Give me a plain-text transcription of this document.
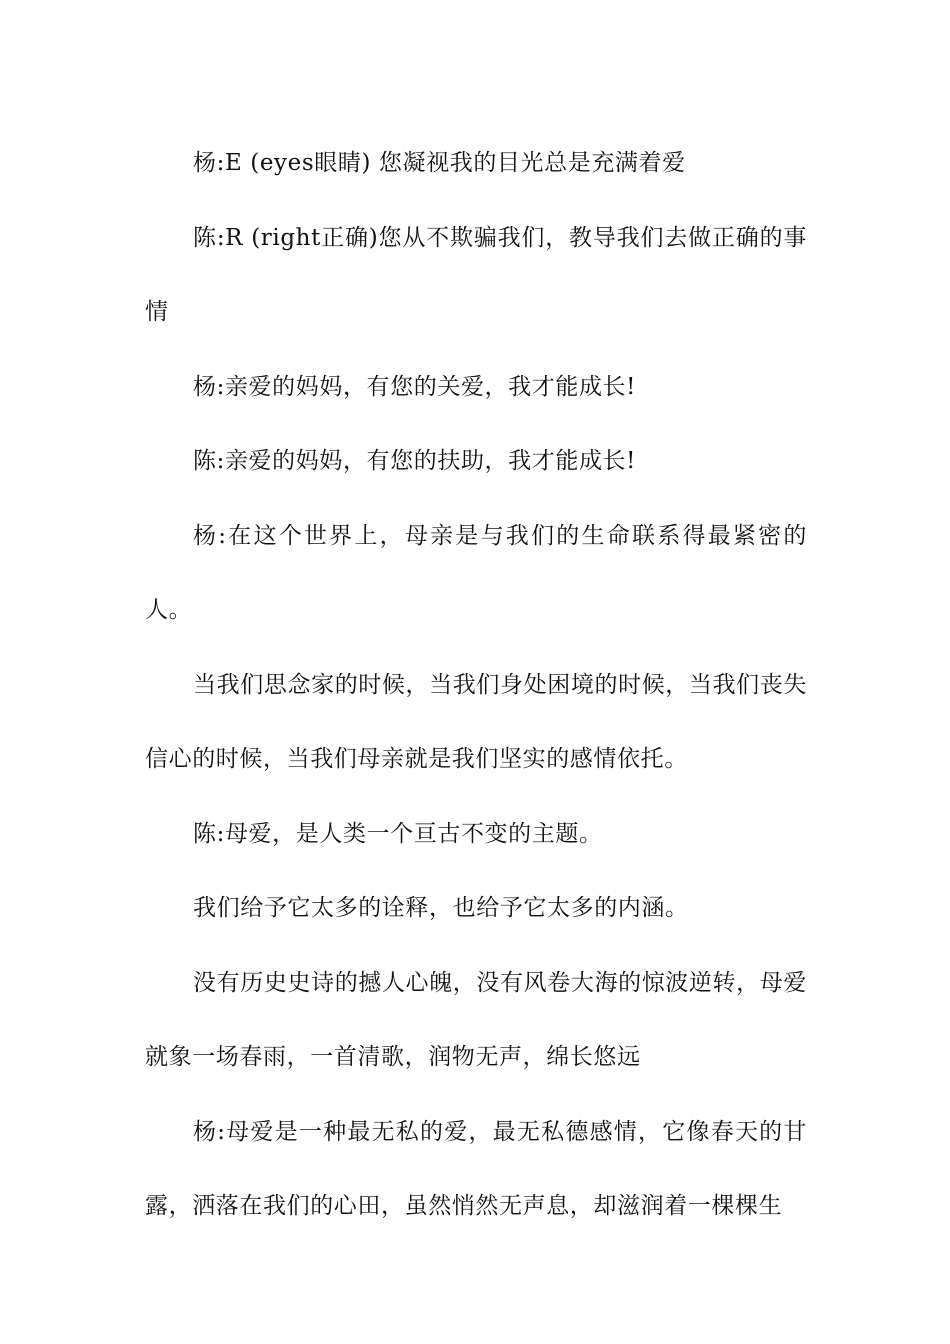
杨:E (eyes眼睛) 您凝视我的目光总是充满着爱

陈:R (right正确)您从不欺骗我们，教导我们去做正确的事情

杨:亲爱的妈妈，有您的关爱，我才能成长!

陈:亲爱的妈妈，有您的扶助，我才能成长!

杨:在这个世界上，母亲是与我们的生命联系得最紧密的人。

当我们思念家的时候，当我们身处困境的时候，当我们丧失信心的时候，当我们母亲就是我们坚实的感情依托。

陈:母爱，是人类一个亘古不变的主题。

我们给予它太多的诠释，也给予它太多的内涵。

没有历史史诗的撼人心魄，没有风卷大海的惊波逆转，母爱就象一场春雨，一首清歌，润物无声，绵长悠远

杨:母爱是一种最无私的爱，最无私德感情，它像春天的甘露，洒落在我们的心田，虽然悄然无声息，却滋润着一棵棵生
